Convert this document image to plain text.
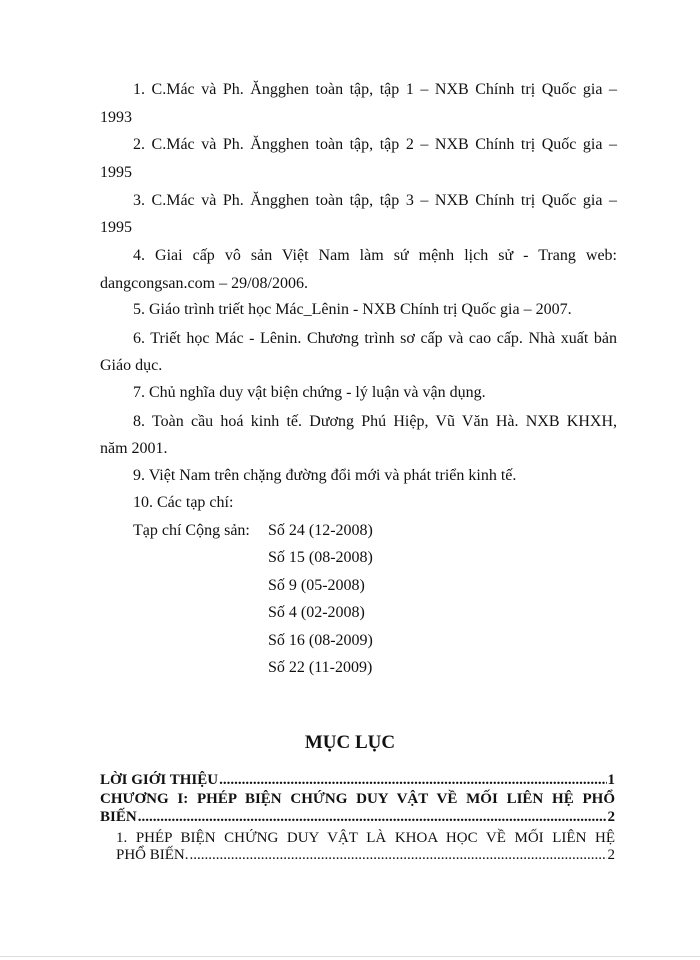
1. C.Mác và Ph. Ăngghen toàn tập, tập 1 – NXB Chính trị Quốc gia –
1993
2. C.Mác và Ph. Ăngghen toàn tập, tập 2 – NXB Chính trị Quốc gia –
1995
3. C.Mác và Ph. Ăngghen toàn tập, tập 3 – NXB Chính trị Quốc gia –
1995
4. Giai cấp vô sản Việt Nam làm sứ mệnh lịch sử - Trang web:
dangcongsan.com – 29/08/2006.
5. Giáo trình triết học Mác_Lênin - NXB Chính trị Quốc gia – 2007.
6. Triết học Mác - Lênin. Chương trình sơ cấp và cao cấp. Nhà xuất bản
Giáo dục.
7. Chủ nghĩa duy vật biện chứng - lý luận và vận dụng.
8. Toàn cầu hoá kinh tế. Dương Phú Hiệp, Vũ Văn Hà. NXB KHXH,
năm 2001.
9. Việt Nam trên chặng đường đổi mới và phát triển kinh tế.
10. Các tạp chí:
Tạp chí Cộng sản: Số 24 (12-2008)
Số 15 (08-2008)
Số 9 (05-2008)
Số 4 (02-2008)
Số 16 (08-2009)
Số 22 (11-2009)
MỤC LỤC
LỜI GIỚI THIỆU .....	1
CHƯƠNG I: PHÉP BIỆN CHỨNG DUY VẬT VỀ MỐI LIÊN HỆ PHỔ
BIẾN .....	2
1. PHÉP BIỆN CHỨNG DUY VẬT LÀ KHOA HỌC VỀ MỐI LIÊN HỆ
PHỔ BIẾN. .....	2
